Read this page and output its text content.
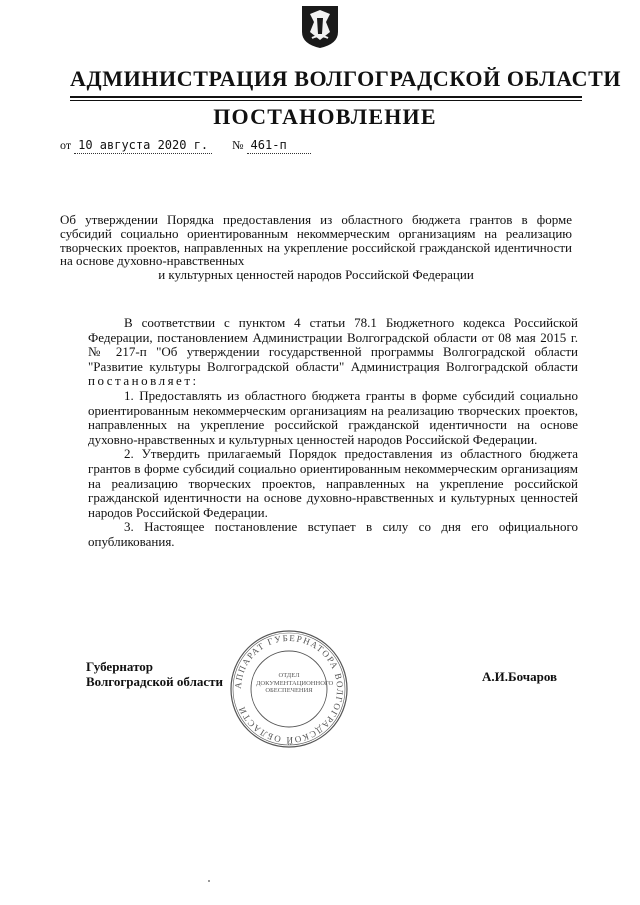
АДМИНИСТРАЦИЯ ВОЛГОГРАДСКОЙ ОБЛАСТИ
ПОСТАНОВЛЕНИЕ
от 10 августа 2020 г. № 461-п
Об утверждении Порядка предоставления из областного бюджета грантов в форме субсидий социально ориентированным некоммерческим организациям на реализацию творческих проектов, направленных на укрепление российской гражданской идентичности на основе духовно-нравственных
и культурных ценностей народов Российской Федерации

В соответствии с пунктом 4 статьи 78.1 Бюджетного кодекса Российской Федерации, постановлением Администрации Волгоградской области от 08 мая 2015 г. № 217-п "Об утверждении государственной программы Волгоградской области "Развитие культуры Волгоградской области" Администрация Волгоградской области постановляет:

1. Предоставлять из областного бюджета гранты в форме субсидий социально ориентированным некоммерческим организациям на реализацию творческих проектов, направленных на укрепление российской гражданской идентичности на основе духовно-нравственных и культурных ценностей народов Российской Федерации.

2. Утвердить прилагаемый Порядок предоставления из областного бюджета грантов в форме субсидий социально ориентированным некоммерческим организациям на реализацию творческих проектов, направленных на укрепление российской гражданской идентичности на основе духовно-нравственных и культурных ценностей народов Российской Федерации.

3. Настоящее постановление вступает в силу со дня его официального опубликования.

АППАРАТ ГУБЕРНАТОРА ВОЛГОГРАДСКОЙ ОБЛАСТИ
ОТДЕЛ ДОКУМЕНТАЦИОННОГО ОБЕСПЕЧЕНИЯ
Губернатор
Волгоградской области	А.И.Бочаров
